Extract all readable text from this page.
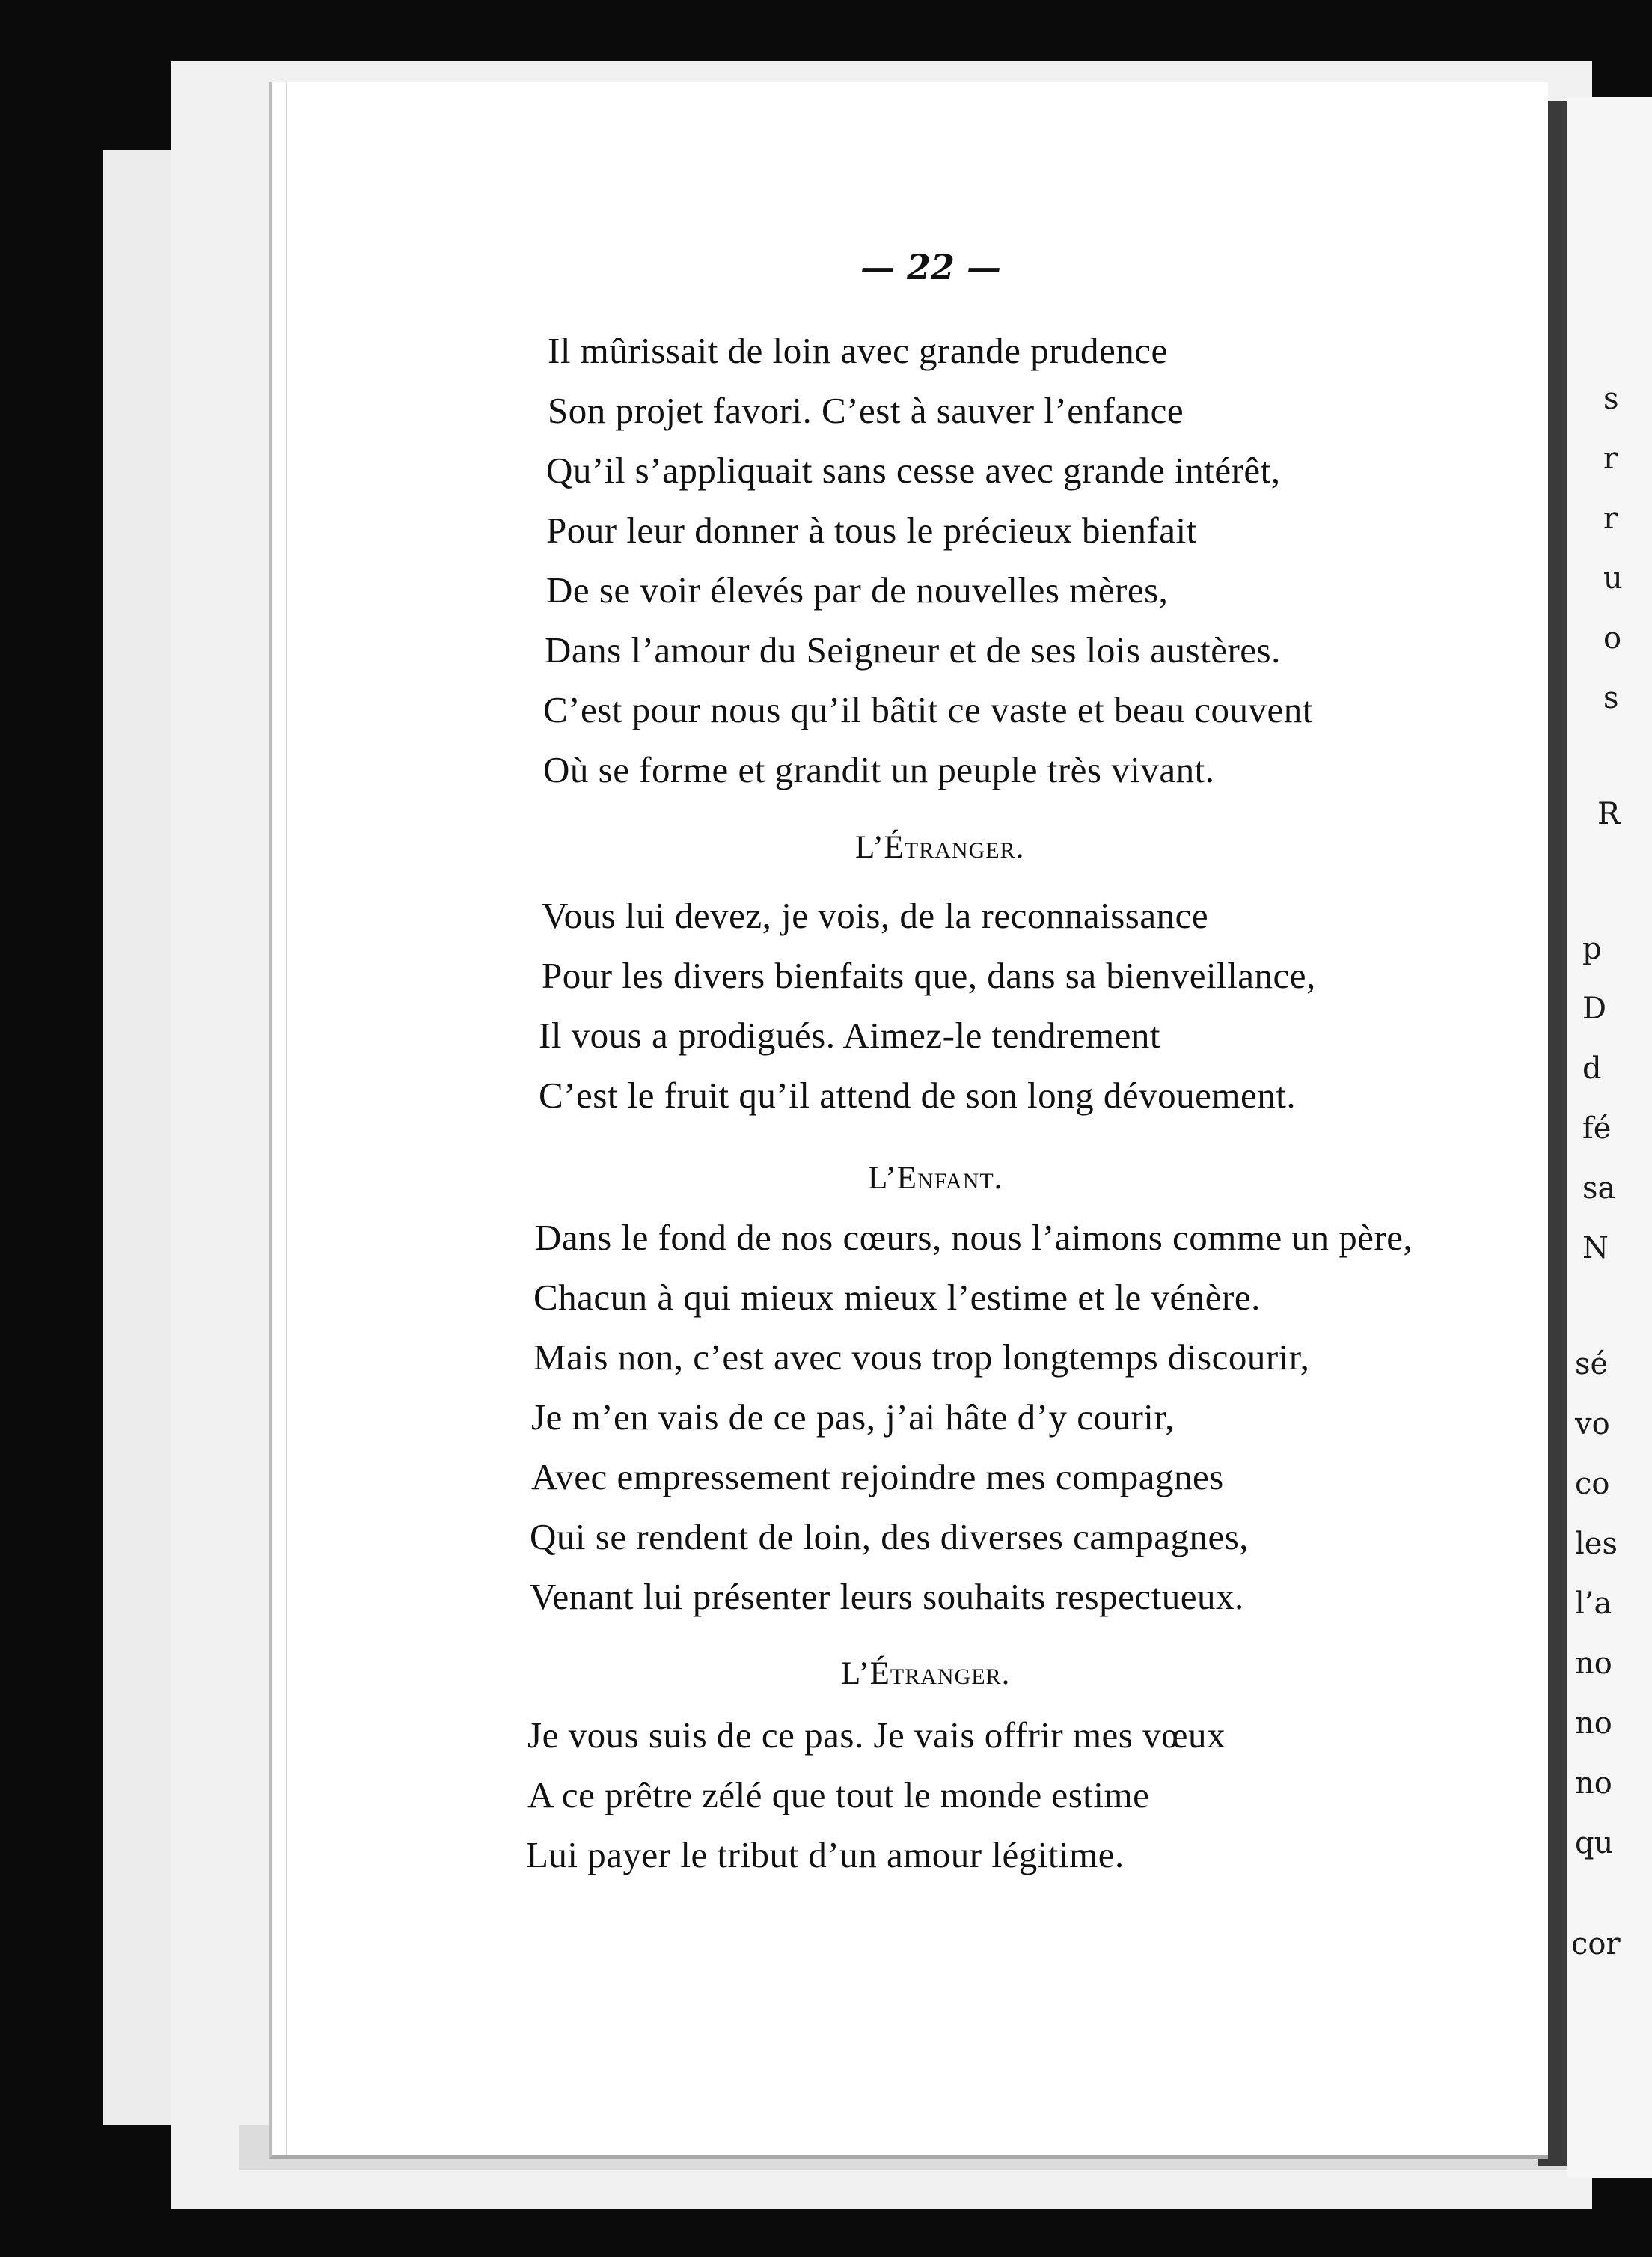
s
r
r
u
o
s
R
p
D
d
fé
sa
N
sé
vo
co
les
l’a
no
no
no
qu
cor
— 22 —
Il mûrissait de loin avec grande prudence
Son projet favori. C’est à sauver l’enfance
Qu’il s’appliquait sans cesse avec grande intérêt,
Pour leur donner à tous le précieux bienfait
De se voir élevés par de nouvelles mères,
Dans l’amour du Seigneur et de ses lois austères.
C’est pour nous qu’il bâtit ce vaste et beau couvent
Où se forme et grandit un peuple très vivant.
L’Étranger.
Vous lui devez, je vois, de la reconnaissance
Pour les divers bienfaits que, dans sa bienveillance,
Il vous a prodigués. Aimez-le tendrement
C’est le fruit qu’il attend de son long dévouement.
L’Enfant.
Dans le fond de nos cœurs, nous l’aimons comme un père,
Chacun à qui mieux mieux l’estime et le vénère.
Mais non, c’est avec vous trop longtemps discourir,
Je m’en vais de ce pas, j’ai hâte d’y courir,
Avec empressement rejoindre mes compagnes
Qui se rendent de loin, des diverses campagnes,
Venant lui présenter leurs souhaits respectueux.
L’Étranger.
Je vous suis de ce pas. Je vais offrir mes vœux
A ce prêtre zélé que tout le monde estime
Lui payer le tribut d’un amour légitime.
